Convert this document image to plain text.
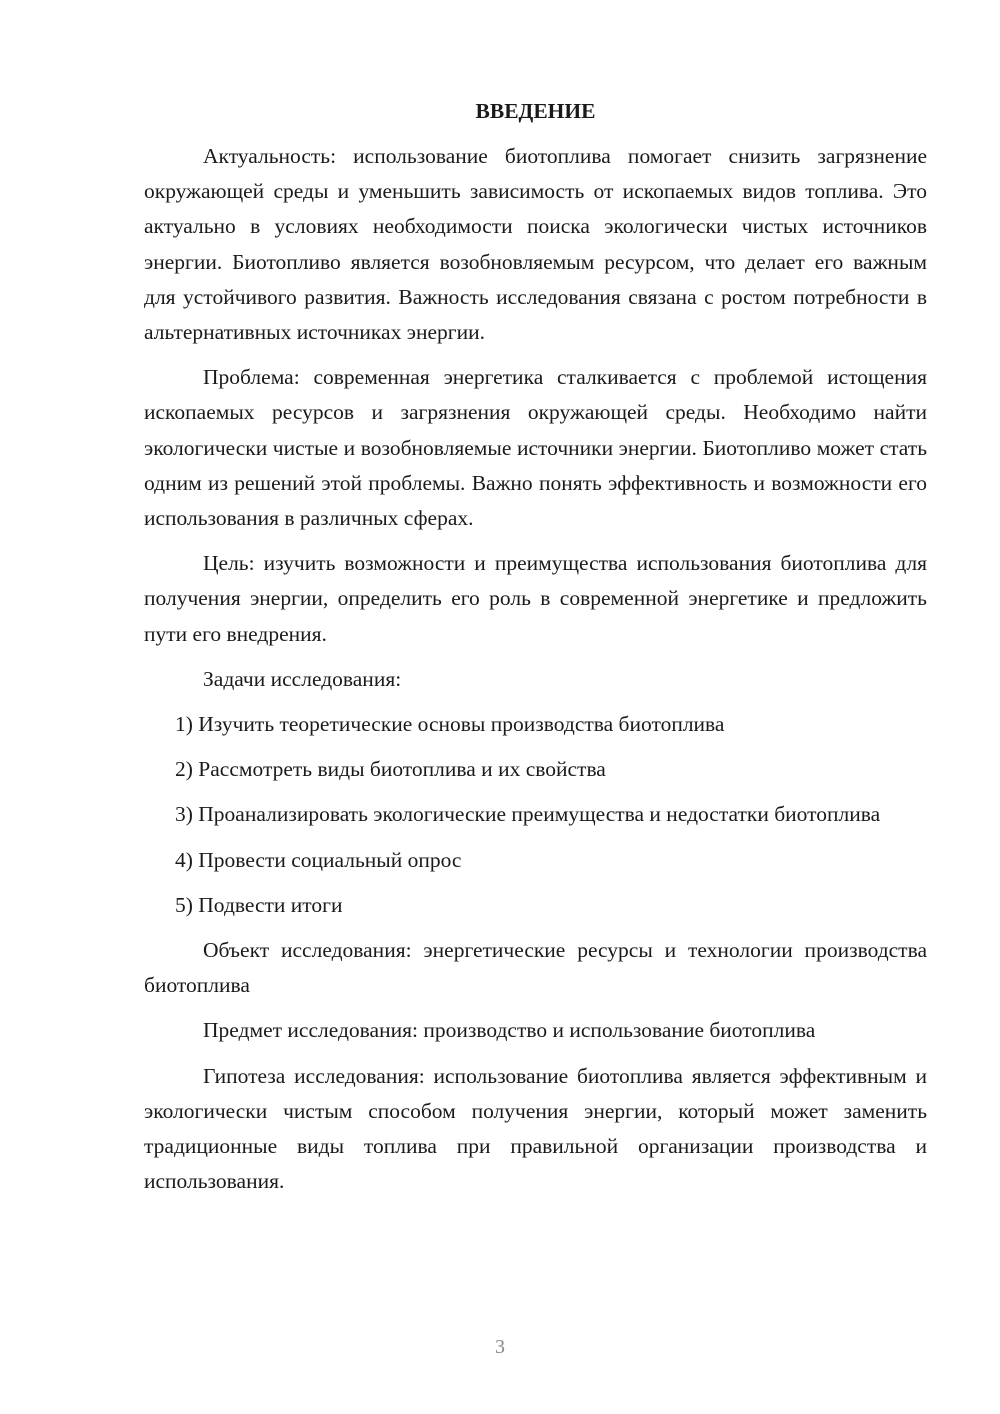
ВВЕДЕНИЕ

Актуальность: использование биотоплива помогает снизить загрязнение окружающей среды и уменьшить зависимость от ископаемых видов топлива. Это актуально в условиях необходимости поиска экологически чистых источников энергии. Биотопливо является возобновляемым ресурсом, что делает его важным для устойчивого развития. Важность исследования связана с ростом потребности в альтернативных источниках энергии.

Проблема: современная энергетика сталкивается с проблемой истощения ископаемых ресурсов и загрязнения окружающей среды. Необходимо найти экологически чистые и возобновляемые источники энергии. Биотопливо может стать одним из решений этой проблемы. Важно понять эффективность и возможности его использования в различных сферах.

Цель: изучить возможности и преимущества использования биотоплива для получения энергии, определить его роль в современной энергетике и предложить пути его внедрения.

Задачи исследования:

1) Изучить теоретические основы производства биотоплива

2) Рассмотреть виды биотоплива и их свойства

3) Проанализировать экологические преимущества и недостатки биотоплива

4) Провести социальный опрос

5) Подвести итоги

Объект исследования: энергетические ресурсы и технологии производства биотоплива

Предмет исследования: производство и использование биотоплива

Гипотеза исследования: использование биотоплива является эффективным и экологически чистым способом получения энергии, который может заменить традиционные виды топлива при правильной организации производства и использования.

3
